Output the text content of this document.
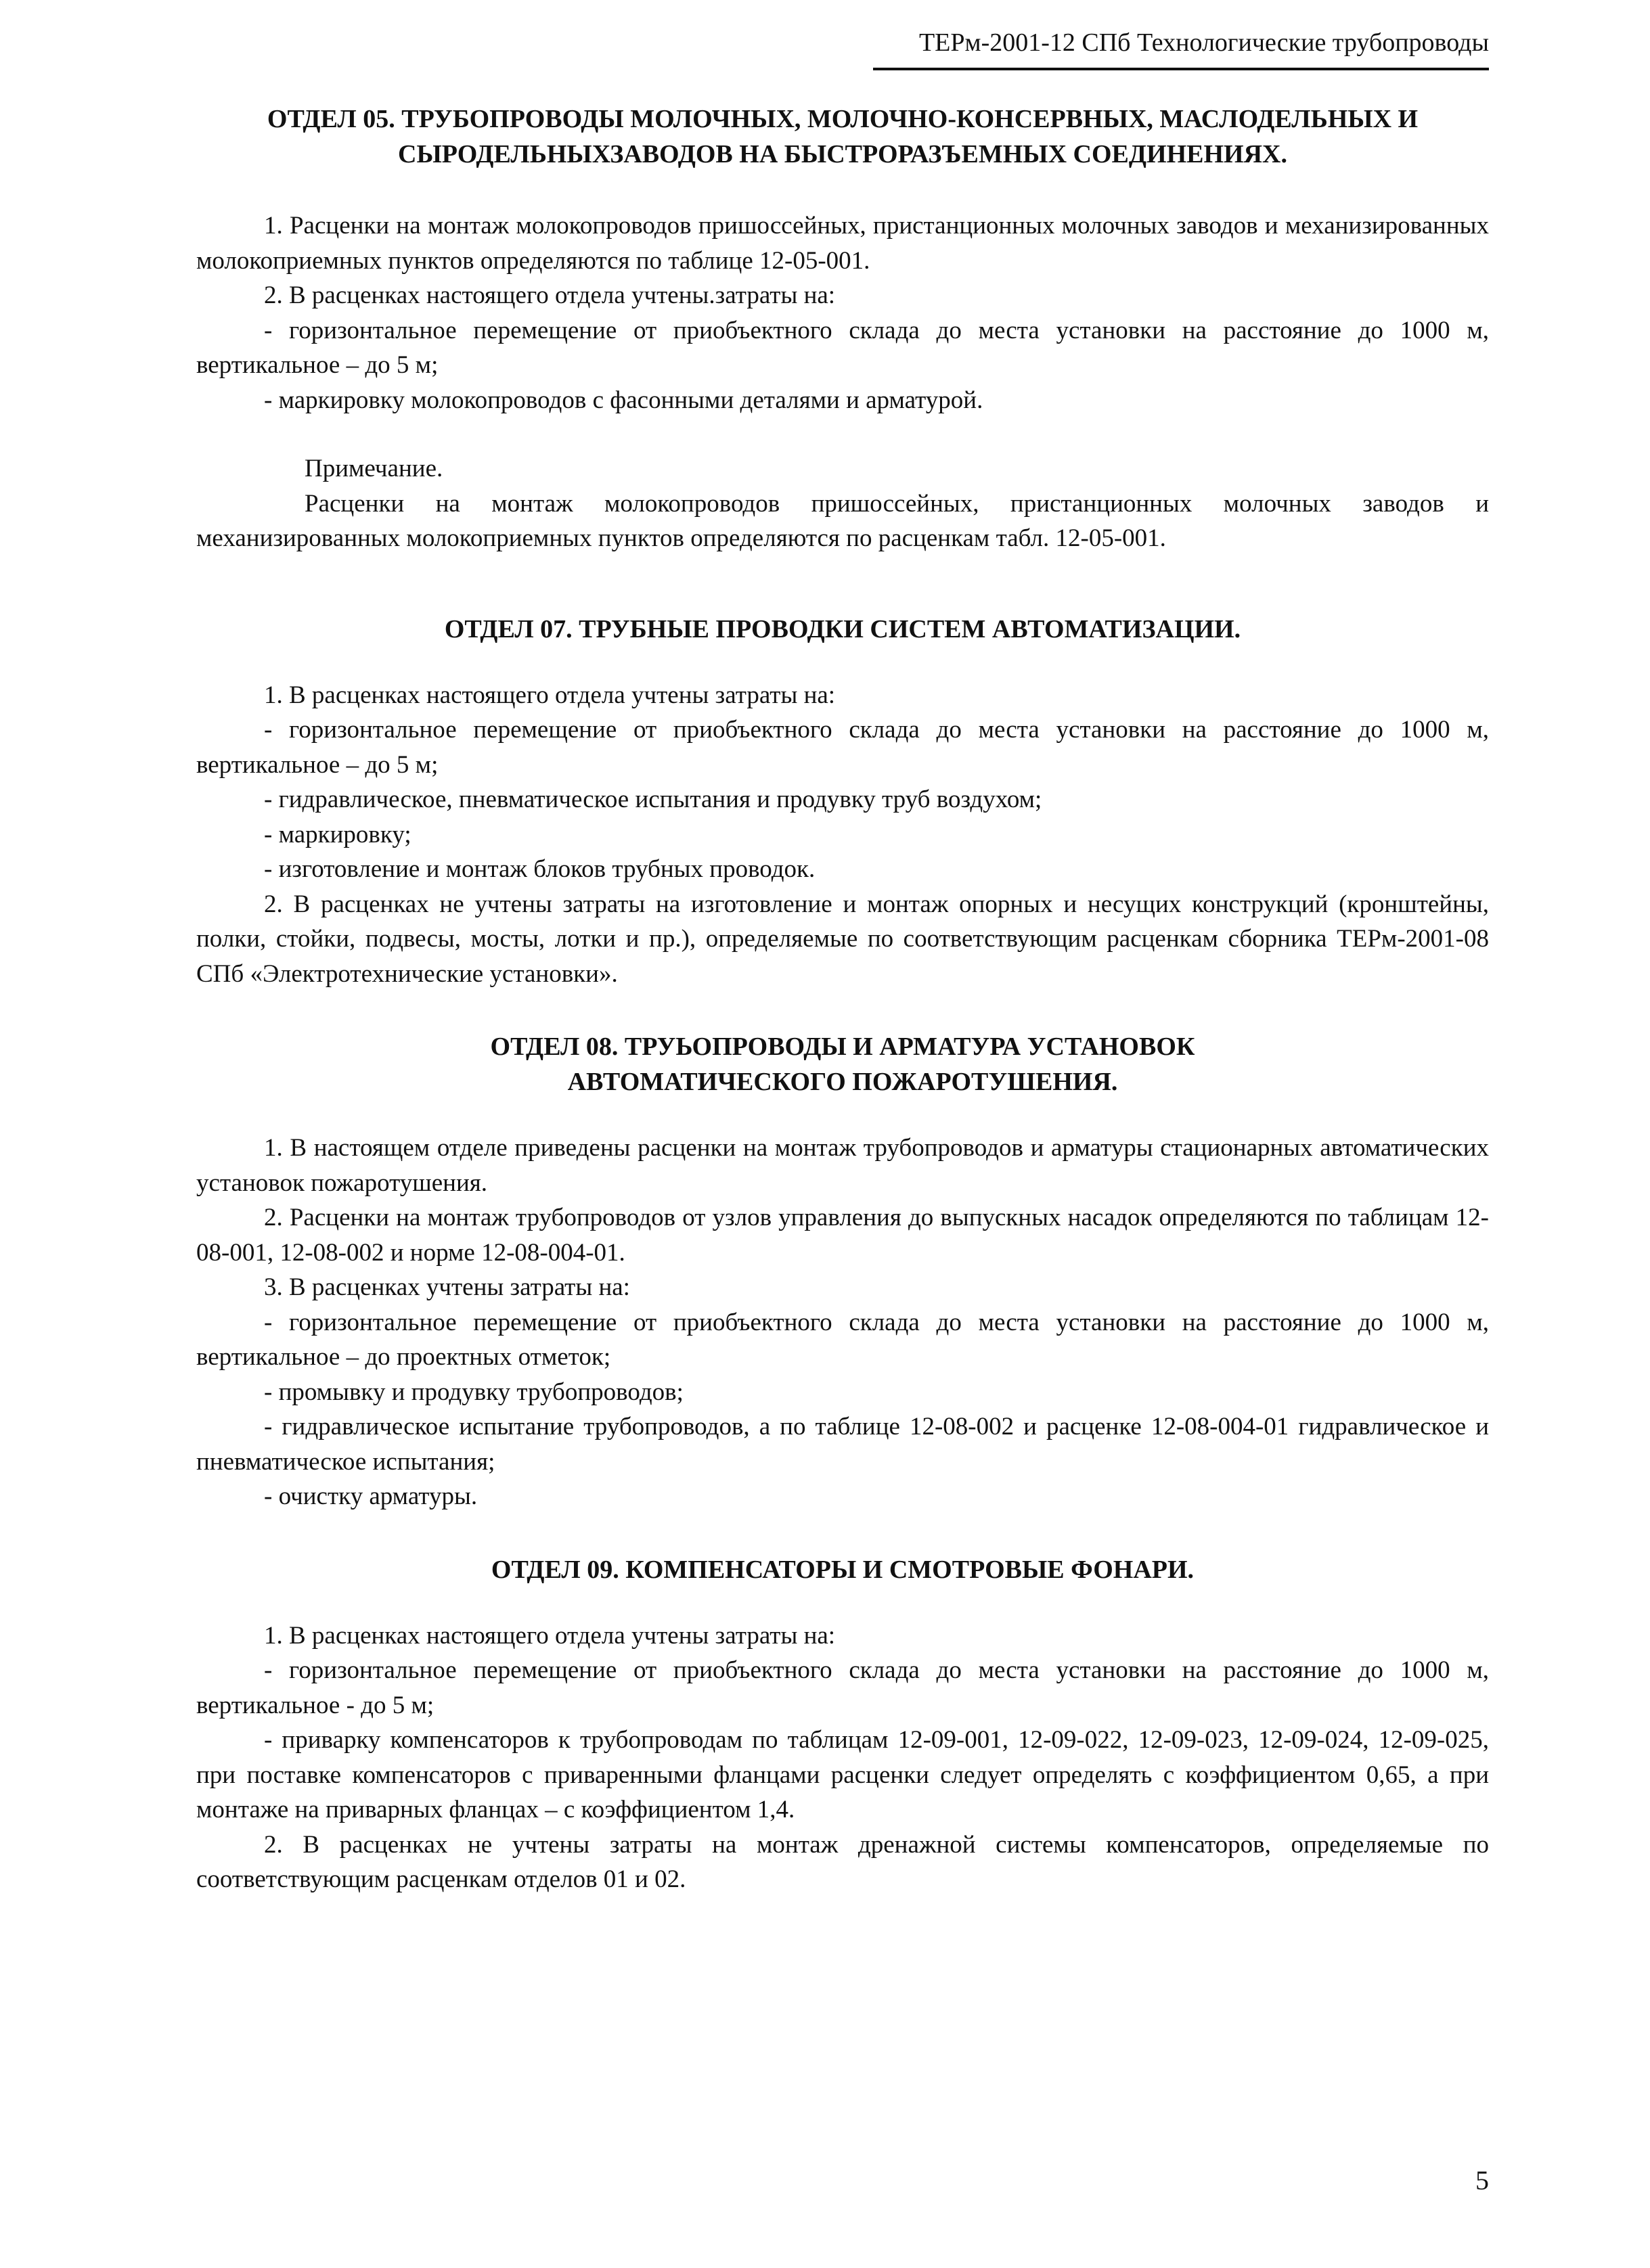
ТЕРм-2001-12 СПб Технологические трубопроводы
ОТДЕЛ 05. ТРУБОПРОВОДЫ МОЛОЧНЫХ, МОЛОЧНО-КОНСЕРВНЫХ, МАСЛОДЕЛЬНЫХ И СЫРОДЕЛЬНЫХЗАВОДОВ НА БЫСТРОРАЗЪЕМНЫХ СОЕДИНЕНИЯХ.

1. Расценки на монтаж молокопроводов пришоссейных, пристанционных молочных заводов и механизированных молокоприемных пунктов определяются по таблице 12-05-001.

2. В расценках настоящего отдела учтены.затраты на:

- горизонтальное перемещение от приобъектного склада до места установки на расстояние до 1000 м, вертикальное – до 5 м;

- маркировку молокопроводов с фасонными деталями и арматурой.

Примечание.

Расценки на монтаж молокопроводов пришоссейных, пристанционных молочных заводов и механизированных молокоприемных пунктов определяются по расценкам табл. 12-05-001.

ОТДЕЛ 07. ТРУБНЫЕ ПРОВОДКИ СИСТЕМ АВТОМАТИЗАЦИИ.

1. В расценках настоящего отдела учтены затраты на:

- горизонтальное перемещение от приобъектного склада до места установки на расстояние до 1000 м, вертикальное – до 5 м;

- гидравлическое, пневматическое испытания и продувку труб воздухом;

- маркировку;

- изготовление и монтаж блоков трубных проводок.

2. В расценках не учтены затраты на изготовление и монтаж опорных и несущих конструкций (кронштейны, полки, стойки, подвесы, мосты, лотки и пр.), определяемые по соответствующим расценкам сборника ТЕРм-2001-08 СПб «Электротехнические установки».

ОТДЕЛ 08. ТРУЬОПРОВОДЫ И АРМАТУРА УСТАНОВОК АВТОМАТИЧЕСКОГО ПОЖАРОТУШЕНИЯ.

1. В настоящем отделе приведены расценки на монтаж трубопроводов и арматуры стационарных автоматических установок пожаротушения.

2. Расценки на монтаж трубопроводов от узлов управления до выпускных насадок определяются по таблицам 12-08-001, 12-08-002 и норме 12-08-004-01.

3. В расценках учтены затраты на:

- горизонтальное перемещение от приобъектного склада до места установки на расстояние до 1000 м, вертикальное – до проектных отметок;

- промывку и продувку трубопроводов;

- гидравлическое испытание трубопроводов, а по таблице 12-08-002 и расценке 12-08-004-01 гидравлическое и пневматическое испытания;

- очистку арматуры.

ОТДЕЛ 09. КОМПЕНСАТОРЫ И СМОТРОВЫЕ ФОНАРИ.

1. В расценках настоящего отдела учтены затраты на:

- горизонтальное перемещение от приобъектного склада до места установки на расстояние до 1000 м, вертикальное - до 5 м;

- приварку компенсаторов к трубопроводам по таблицам 12-09-001, 12-09-022, 12-09-023, 12-09-024, 12-09-025, при поставке компенсаторов с приваренными фланцами расценки следует определять с коэффициентом 0,65, а при монтаже на приварных фланцах – с коэффициентом 1,4.

2. В расценках не учтены затраты на монтаж дренажной системы компенсаторов, определяемые по соответствующим расценкам отделов 01 и 02.

5
